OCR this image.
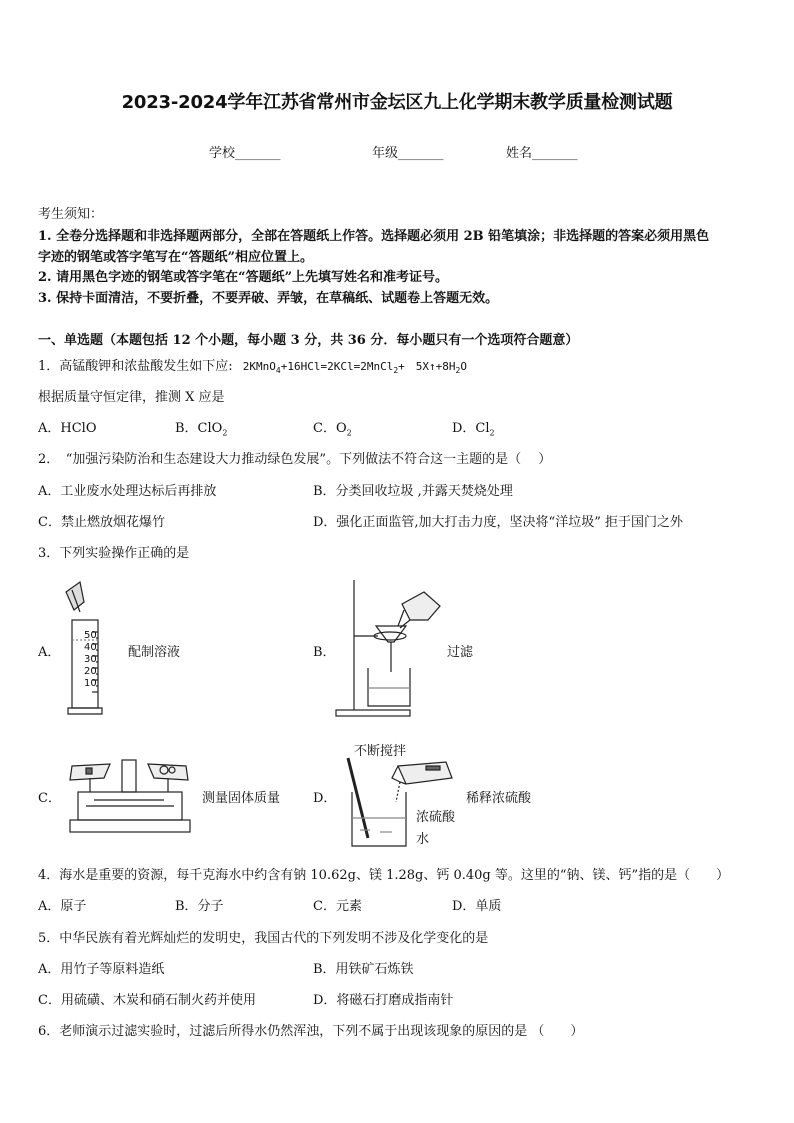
2023-2024学年江苏省常州市金坛区九上化学期末教学质量检测试题
学校_______	年级_______	姓名_______
考生须知：
1. 全卷分选择题和非选择题两部分，全部在答题纸上作答。选择题必须用 2B 铅笔填涂；非选择题的答案必须用黑色
字迹的钢笔或答字笔写在“答题纸”相应位置上。
2. 请用黑色字迹的钢笔或答字笔在“答题纸”上先填写姓名和准考证号。
3. 保持卡面清洁，不要折叠，不要弄破、弄皱，在草稿纸、试题卷上答题无效。
一、单选题（本题包括 12 个小题，每小题 3 分，共 36 分．每小题只有一个选项符合题意）
1．高锰酸钾和浓盐酸发生如下应: 2KMnO$_4$+16HCl=2KCl=2MnCl$_2$+　$5X↑+8H_2O$
根据质量守恒定律，推测 X 应是
A．HClO	B．ClO$_2$	C．$O_2$	D．$Cl_2$
2．　“加强污染防治和生态建设大力推动绿色发展”。下列做法不符合这一主题的是（　 ）
A．工业废水处理达标后再排放	B．分类回收垃圾 ,并露天焚烧处理
C．禁止燃放烟花爆竹	D．强化正面监管,加大打击力度，坚决将“洋垃圾” 拒于国门之外
3．下列实验操作正确的是
A．
50
40
30
20
10
配制溶液	B．	过滤
C．	测量固体质量	D．
不断搅拌
稀释浓硫酸
浓硫酸
水
4．海水是重要的资源，每千克海水中约含有钠 10.62g、镁 1.28g、钙 0.40g 等。这里的“钠、镁、钙”指的是（　　）
A．原子	B．分子	C．元素	D．单质
5．中华民族有着光辉灿烂的发明史，我国古代的下列发明不涉及化学变化的是
A．用竹子等原料造纸	B．用铁矿石炼铁
C．用硫磺、木炭和硝石制火药并使用	D．将磁石打磨成指南针
6．老师演示过滤实验时，过滤后所得水仍然浑浊，下列不属于出现该现象的原因的是 （　　）
